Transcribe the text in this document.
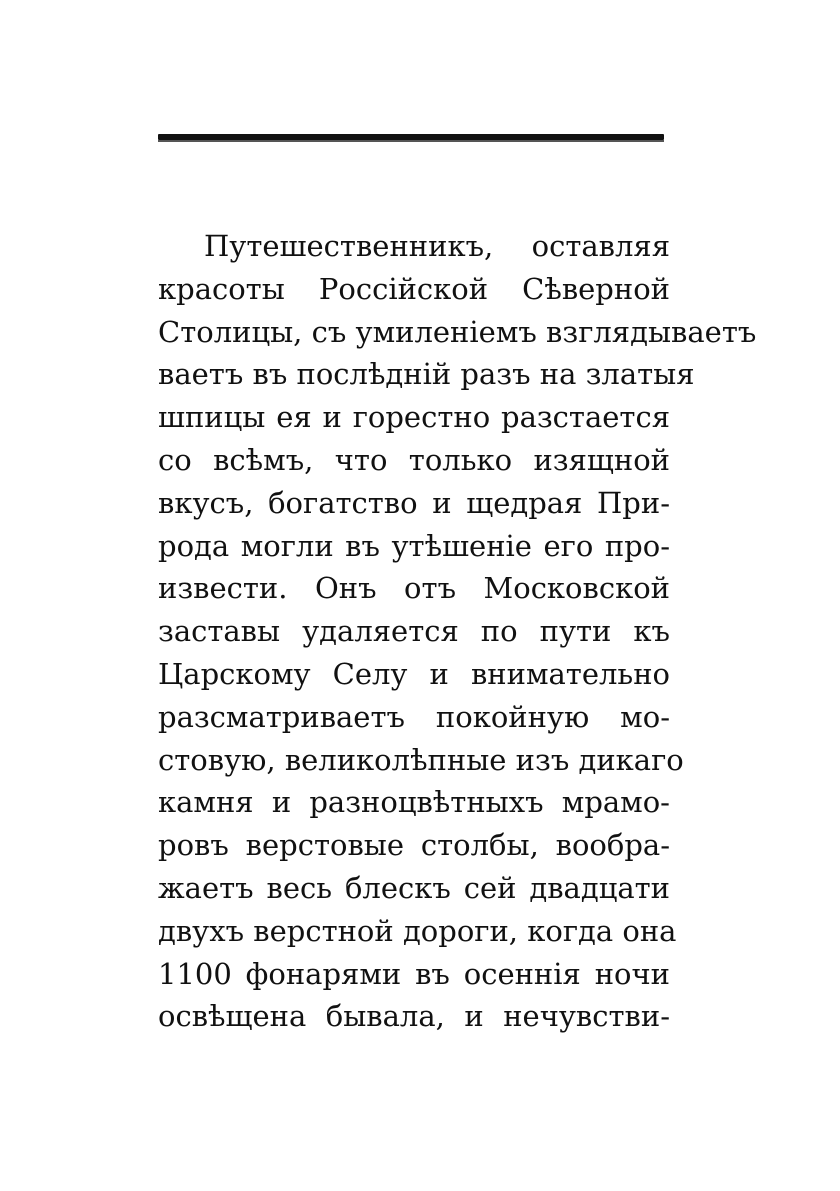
Путешественникъ, оставляя
красоты Россійской Сѣверной
Столицы, съ умиленіемъ взглядываетъ
ваетъ въ послѣдній разъ на златыя
шпицы ея и горестно разстается
со всѣмъ, что только изящной
вкусъ, богатство и щедрая При-
рода могли въ утѣшеніе его про-
извести. Онъ отъ Московской
заставы удаляется по пути къ
Царскому Селу и внимательно
разсматриваетъ покойную мо-
стовую, великолѣпные изъ дикаго
камня и разноцвѣтныхъ мрамо-
ровъ верстовые столбы, вообра-
жаетъ весь блескъ сей двадцати
двухъ верстной дороги, когда она
1100 фонарями въ осеннія ночи
освѣщена бывала, и нечувстви-
